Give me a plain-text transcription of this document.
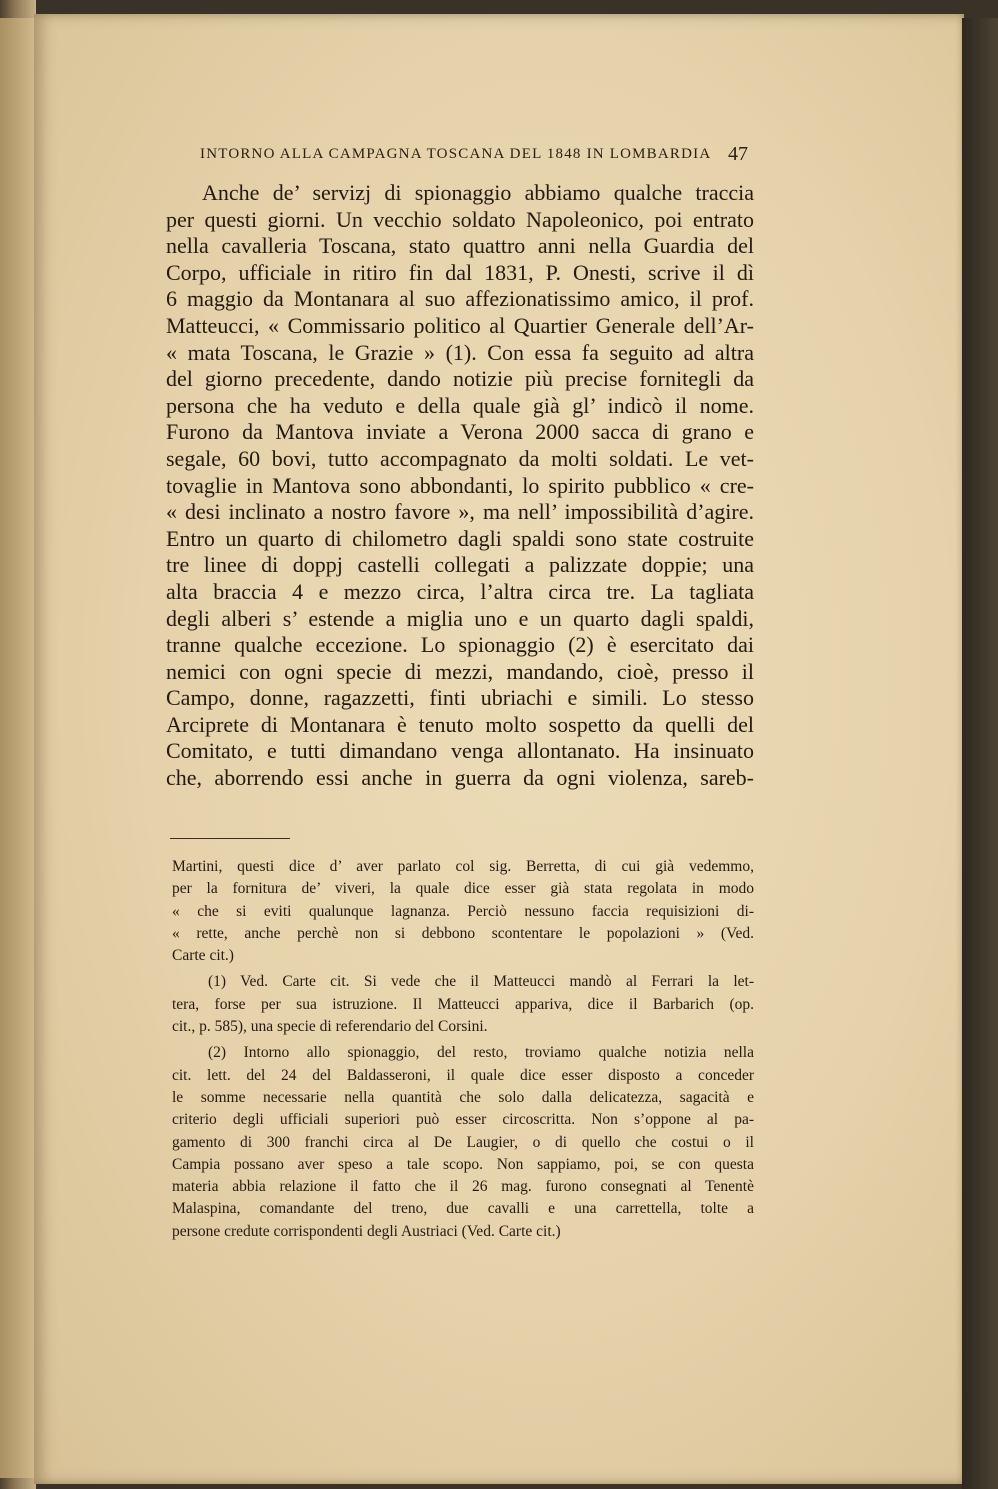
INTORNO ALLA CAMPAGNA TOSCANA DEL 1848 IN LOMBARDIA 47
Anche de’ servizj di spionaggio abbiamo qualche traccia
per questi giorni. Un vecchio soldato Napoleonico, poi entrato
nella cavalleria Toscana, stato quattro anni nella Guardia del
Corpo, ufficiale in ritiro fin dal 1831, P. Onesti, scrive il dì
6 maggio da Montanara al suo affezionatissimo amico, il prof.
Matteucci, « Commissario politico al Quartier Generale dell’Ar-
« mata Toscana, le Grazie » (1). Con essa fa seguito ad altra
del giorno precedente, dando notizie più precise fornitegli da
persona che ha veduto e della quale già gl’ indicò il nome.
Furono da Mantova inviate a Verona 2000 sacca di grano e
segale, 60 bovi, tutto accompagnato da molti soldati. Le vet-
tovaglie in Mantova sono abbondanti, lo spirito pubblico « cre-
« desi inclinato a nostro favore », ma nell’ impossibilità d’agire.
Entro un quarto di chilometro dagli spaldi sono state costruite
tre linee di doppj castelli collegati a palizzate doppie; una
alta braccia 4 e mezzo circa, l’altra circa tre. La tagliata
degli alberi s’ estende a miglia uno e un quarto dagli spaldi,
tranne qualche eccezione. Lo spionaggio (2) è esercitato dai
nemici con ogni specie di mezzi, mandando, cioè, presso il
Campo, donne, ragazzetti, finti ubriachi e simili. Lo stesso
Arciprete di Montanara è tenuto molto sospetto da quelli del
Comitato, e tutti dimandano venga allontanato. Ha insinuato
che, aborrendo essi anche in guerra da ogni violenza, sareb-
Martini, questi dice d’ aver parlato col sig. Berretta, di cui già vedemmo,
per la fornitura de’ viveri, la quale dice esser già stata regolata in modo
« che si eviti qualunque lagnanza. Perciò nessuno faccia requisizioni di-
« rette, anche perchè non si debbono scontentare le popolazioni » (Ved.
Carte cit.)
(1) Ved. Carte cit. Si vede che il Matteucci mandò al Ferrari la let-
tera, forse per sua istruzione. Il Matteucci appariva, dice il Barbarich (op.
cit., p. 585), una specie di referendario del Corsini.
(2) Intorno allo spionaggio, del resto, troviamo qualche notizia nella
cit. lett. del 24 del Baldasseroni, il quale dice esser disposto a conceder
le somme necessarie nella quantità che solo dalla delicatezza, sagacità e
criterio degli ufficiali superiori può esser circoscritta. Non s’oppone al pa-
gamento di 300 franchi circa al De Laugier, o di quello che costui o il
Campia possano aver speso a tale scopo. Non sappiamo, poi, se con questa
materia abbia relazione il fatto che il 26 mag. furono consegnati al Tenentè
Malaspina, comandante del treno, due cavalli e una carrettella, tolte a
persone credute corrispondenti degli Austriaci (Ved. Carte cit.)
